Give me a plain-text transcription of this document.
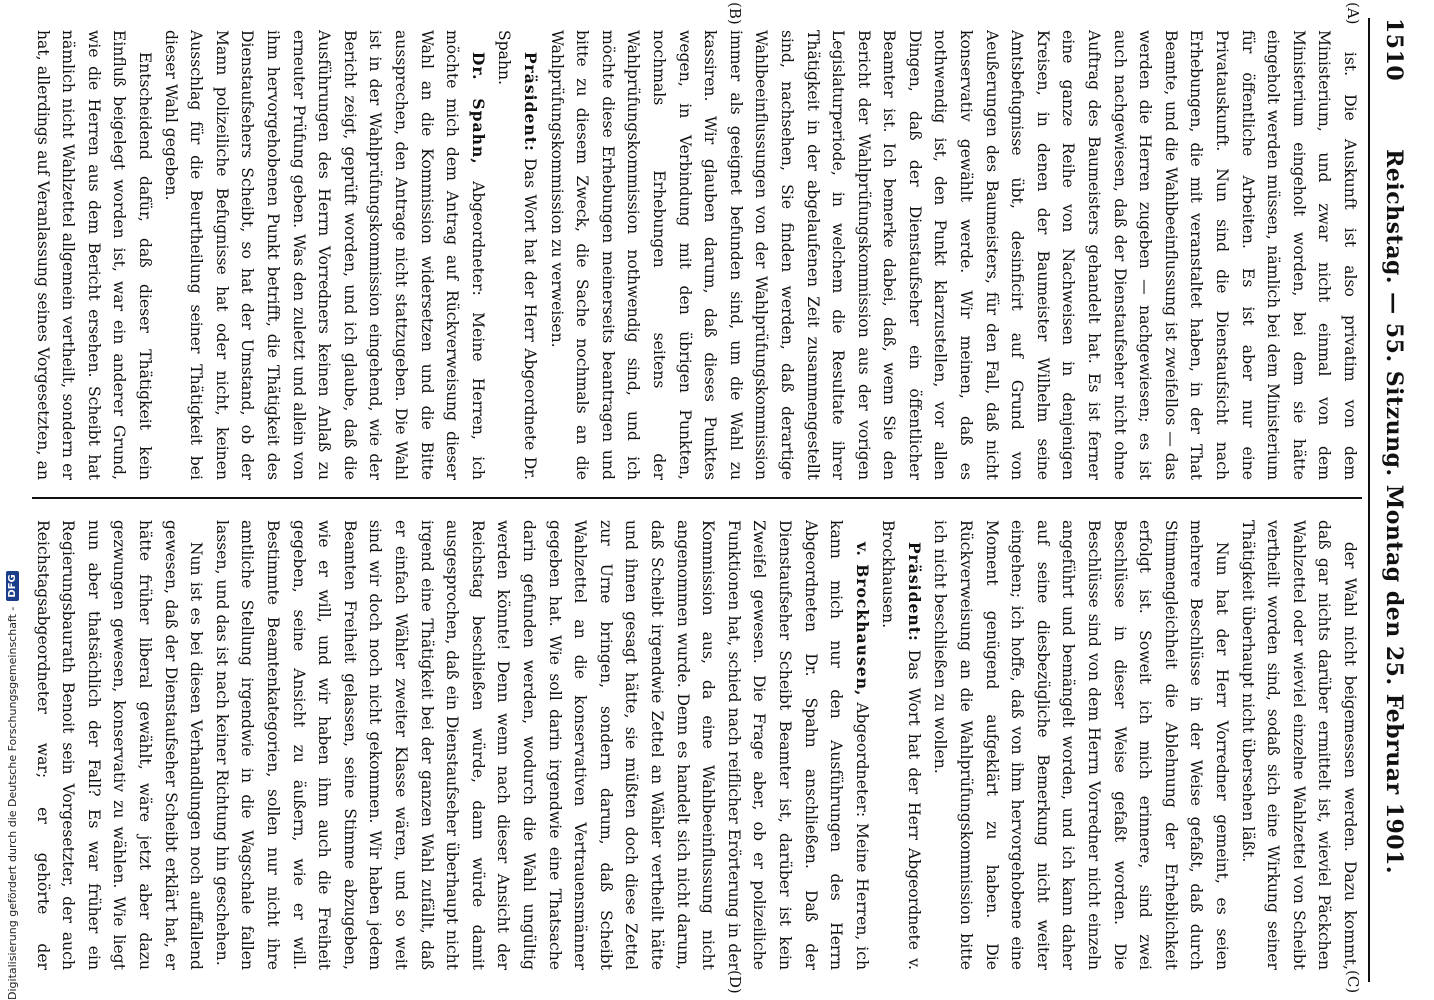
1510
Reichstag. — 55. Sitzung. Montag den 25. Februar 1901.

ist. Die Auskunft ist also privatim von dem Ministerium, und zwar nicht einmal von dem Ministerium eingeholt worden, bei dem sie hätte eingeholt werden müssen, nämlich bei dem Ministerium für öffentliche Arbeiten. Es ist aber nur eine Privatauskunft. Nun sind die Dienstaufsicht nach Erhebungen, die mit veranstaltet haben, in der That Beamte, und die Wahlbeeinflussung ist zweifellos — das werden die Herren zugeben — nachgewiesen; es ist auch nachgewiesen, daß der Dienstaufseher nicht ohne Auftrag des Baumeisters gehandelt hat. Es ist ferner eine ganze Reihe von Nachweisen in denjenigen Kreisen, in denen der Baumeister Wilhelm seine Amtsbefugnisse übt, desinficirt auf Grund von Aeußerungen des Baumeisters, für den Fall, daß nicht konservativ gewählt werde. Wir meinen, daß es nothwendig ist, den Punkt klarzustellen, vor allen Dingen, daß der Dienstaufseher ein öffentlicher Beamter ist. Ich bemerke dabei, daß, wenn Sie den Bericht der Wahlprüfungskommission aus der vorigen Legislaturperiode, in welchem die Resultate ihrer Thätigkeit in der abgelaufenen Zeit zusammengestellt sind, nachsehen, Sie finden werden, daß derartige Wahlbeeinflussungen von der Wahlprüfungskommission immer als geeignet befunden sind, um die Wahl zu kassiren. Wir glauben darum, daß dieses Punktes wegen, in Verbindung mit den übrigen Punkten, nochmals Erhebungen seitens der Wahlprüfungskommission nothwendig sind, und ich möchte diese Erhebungen meinerseits beantragen und bitte zu diesem Zweck, die Sache nochmals an die Wahlprüfungskommission zu verweisen.

Präsident: Das Wort hat der Herr Abgeordnete Dr. Spahn.

Dr. Spahn, Abgeordneter: Meine Herren, ich möchte mich dem Antrag auf Rückverweisung dieser Wahl an die Kommission widersetzen und die Bitte aussprechen, den Antrage nicht stattzugeben. Die Wahl ist in der Wahlprüfungskommission eingehend, wie der Bericht zeigt, geprüft worden, und ich glaube, daß die Ausführungen des Herrn Vorredners keinen Anlaß zu erneuter Prüfung geben. Was den zuletzt und allein von ihm hervorgehobenen Punkt betrifft, die Thätigkeit des Dienstaufsehers Scheibt, so hat der Umstand, ob der Mann polizeiliche Befugnisse hat oder nicht, keinen Ausschlag für die Beurtheilung seiner Thätigkeit bei dieser Wahl gegeben.

Entscheidend dafür, daß dieser Thätigkeit kein Einfluß beigelegt worden ist, war ein anderer Grund, wie die Herren aus dem Bericht ersehen. Scheibt hat nämlich nicht Wahlzettel allgemein vertheilt, sondern er hat, allerdings auf Veranlassung seines Vorgesetzten, an

der Wahl nicht beigemessen werden. Dazu kommt, daß gar nichts darüber ermittelt ist, wieviel Päckchen Wahlzettel oder wieviel einzelne Wahlzettel von Scheibt vertheilt worden sind, sodaß sich eine Wirkung seiner Thätigkeit überhaupt nicht übersehen läßt.

Nun hat der Herr Vorredner gemeint, es seien mehrere Beschlüsse in der Weise gefaßt, daß durch Stimmengleichheit die Ablehnung der Erheblichkeit erfolgt ist. Soweit ich mich erinnere, sind zwei Beschlüsse in dieser Weise gefaßt worden. Die Beschlüsse sind von dem Herrn Vorredner nicht einzeln angeführt und bemängelt worden, und ich kann daher auf seine diesbezügliche Bemerkung nicht weiter eingehen; ich hoffe, daß von ihm hervorgehobene eine Moment genügend aufgeklärt zu haben. Die Rückverweisung an die Wahlprüfungskommission bitte ich nicht beschließen zu wollen.

Präsident: Das Wort hat der Herr Abgeordnete v. Brockhausen.

v. Brockhausen, Abgeordneter: Meine Herren, ich kann mich nur den Ausführungen des Herrn Abgeordneten Dr. Spahn anschließen. Daß der Dienstaufseher Scheibt Beamter ist, darüber ist kein Zweifel gewesen. Die Frage aber, ob er polizeiliche Funktionen hat, schied nach reiflicher Erörterung in der Kommission aus, da eine Wahlbeeinflussung nicht angenommen wurde. Denn es handelt sich nicht darum, daß Scheibt irgendwie Zettel an Wähler vertheilt hätte und ihnen gesagt hätte, sie müßten doch diese Zettel zur Urne bringen, sondern darum, daß Scheibt Wahlzettel an die konservativen Vertrauensmänner gegeben hat. Wie soll darin irgendwie eine Thatsache darin gefunden werden, wodurch die Wahl ungültig werden könnte! Denn wenn nach dieser Ansicht der Reichstag beschließen würde, dann würde damit ausgesprochen, daß ein Dienstaufseher überhaupt nicht irgend eine Thätigkeit bei der ganzen Wahl zufällt, daß er einfach Wähler zweiter Klasse wären, und so weit sind wir doch noch nicht gekommen. Wir haben jedem Beamten Freiheit gelassen, seine Stimme abzugeben, wie er will, und wir haben ihm auch die Freiheit gegeben, seine Ansicht zu äußern, wie er will. Bestimmte Beamtenkategorien, sollen nur nicht ihre amtliche Stellung irgendwie in die Wagschale fallen lassen, und das ist nach keiner Richtung hin geschehen.

Nun ist es bei diesen Verhandlungen noch auffallend gewesen, daß der Dienstaufseher Scheibt erklärt hat, er hätte früher liberal gewählt, wäre jetzt aber dazu gezwungen gewesen, konservativ zu wählen. Wie liegt nun aber thatsächlich der Fall? Es war früher ein Regierungsbaurath Benoit sein Vorgesetzter, der auch Reichstagsabgeordneter war; er gehörte der

(A)
(B)
(C)
(D)
Digitalisierung gefördert durch die Deutsche Forschungsgemeinschaft -
DFG
